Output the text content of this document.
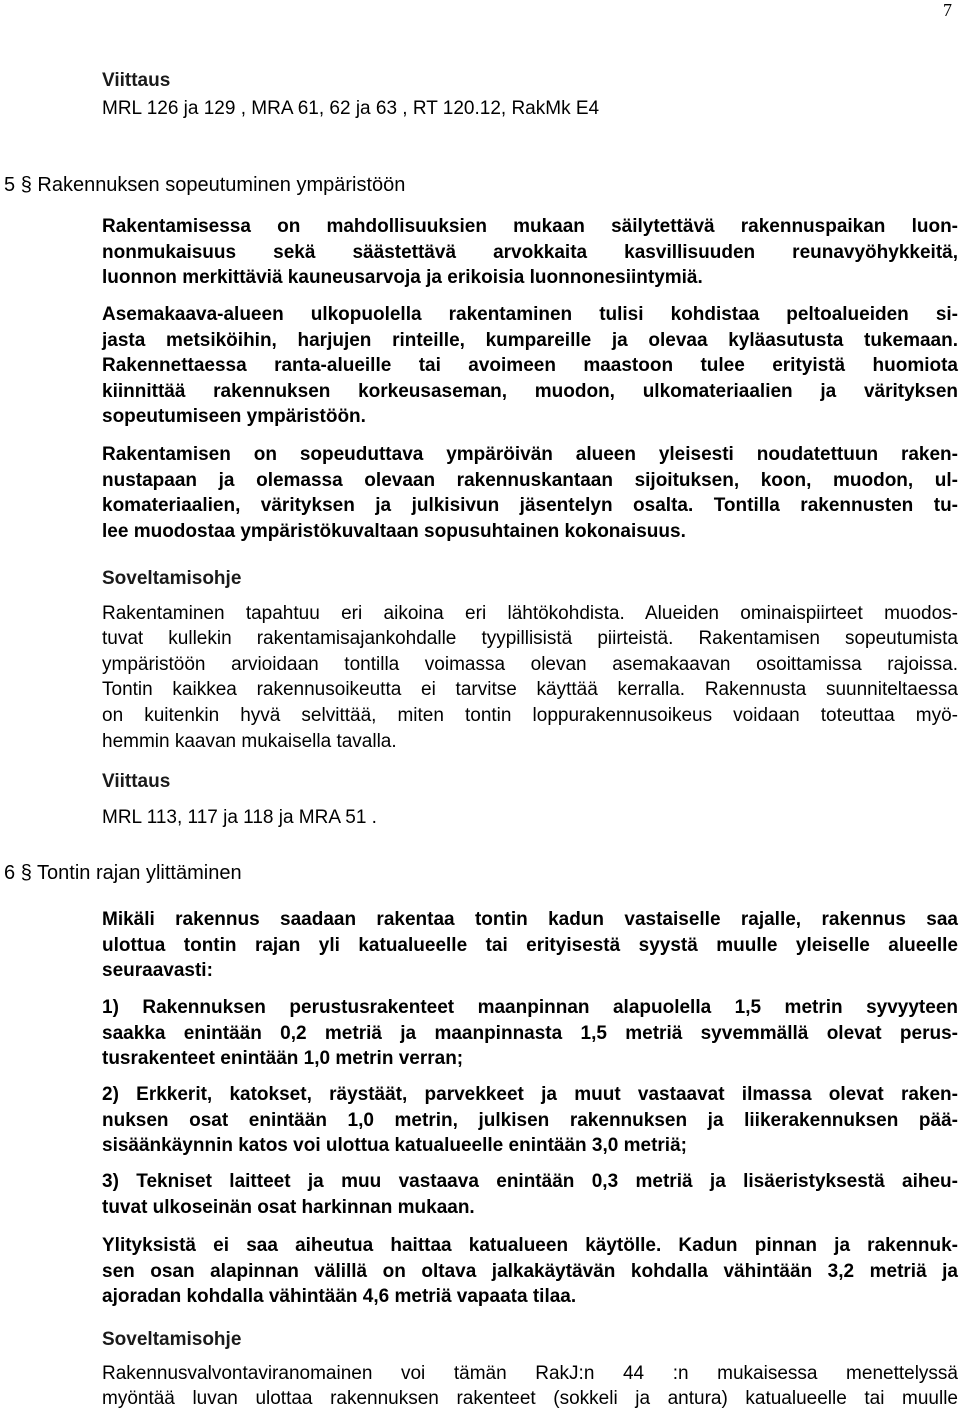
7
Viittaus
MRL 126 ja 129 , MRA 61, 62 ja 63 , RT 120.12, RakMk E4
5 § Rakennuksen sopeutuminen ympäristöön
Rakentamisessa on mahdollisuuksien mukaan säilytettävä rakennuspaikan luon-
nonmukaisuus sekä säästettävä arvokkaita kasvillisuuden reunavyöhykkeitä,
luonnon merkittäviä kauneusarvoja ja erikoisia luonnonesiintymiä.
Asemakaava-alueen ulkopuolella rakentaminen tulisi kohdistaa peltoalueiden si-
jasta metsiköihin, harjujen rinteille, kumpareille ja olevaa kyläasutusta tukemaan.
Rakennettaessa ranta-alueille tai avoimeen maastoon tulee erityistä huomiota
kiinnittää rakennuksen korkeusaseman, muodon, ulkomateriaalien ja värityksen
sopeutumiseen ympäristöön.
Rakentamisen on sopeuduttava ympäröivän alueen yleisesti noudatettuun raken-
nustapaan ja olemassa olevaan rakennuskantaan sijoituksen, koon, muodon, ul-
komateriaalien, värityksen ja julkisivun jäsentelyn osalta. Tontilla rakennusten tu-
lee muodostaa ympäristökuvaltaan sopusuhtainen kokonaisuus.
Soveltamisohje
Rakentaminen tapahtuu eri aikoina eri lähtökohdista. Alueiden ominaispiirteet muodos-
tuvat kullekin rakentamisajankohdalle tyypillisistä piirteistä. Rakentamisen sopeutumista
ympäristöön arvioidaan tontilla voimassa olevan asemakaavan osoittamissa rajoissa.
Tontin kaikkea rakennusoikeutta ei tarvitse käyttää kerralla. Rakennusta suunniteltaessa
on kuitenkin hyvä selvittää, miten tontin loppurakennusoikeus voidaan toteuttaa myö-
hemmin kaavan mukaisella tavalla.
Viittaus
MRL 113, 117 ja 118 ja MRA 51 .
6 § Tontin rajan ylittäminen
Mikäli rakennus saadaan rakentaa tontin kadun vastaiselle rajalle, rakennus saa
ulottua tontin rajan yli katualueelle tai erityisestä syystä muulle yleiselle alueelle
seuraavasti:
1) Rakennuksen perustusrakenteet maanpinnan alapuolella 1,5 metrin syvyyteen
saakka enintään 0,2 metriä ja maanpinnasta 1,5 metriä syvemmällä olevat perus-
tusrakenteet enintään 1,0 metrin verran;
2) Erkkerit, katokset, räystäät, parvekkeet ja muut vastaavat ilmassa olevat raken-
nuksen osat enintään 1,0 metrin, julkisen rakennuksen ja liikerakennuksen pää-
sisäänkäynnin katos voi ulottua katualueelle enintään 3,0 metriä;
3) Tekniset laitteet ja muu vastaava enintään 0,3 metriä ja lisäeristyksestä aiheu-
tuvat ulkoseinän osat harkinnan mukaan.
Ylityksistä ei saa aiheutua haittaa katualueen käytölle. Kadun pinnan ja rakennuk-
sen osan alapinnan välillä on oltava jalkakäytävän kohdalla vähintään 3,2 metriä ja
ajoradan kohdalla vähintään 4,6 metriä vapaata tilaa.
Soveltamisohje
Rakennusvalvontaviranomainen voi tämän RakJ:n 44 :n mukaisessa menettelyssä
myöntää luvan ulottaa rakennuksen rakenteet (sokkeli ja antura) katualueelle tai muulle
